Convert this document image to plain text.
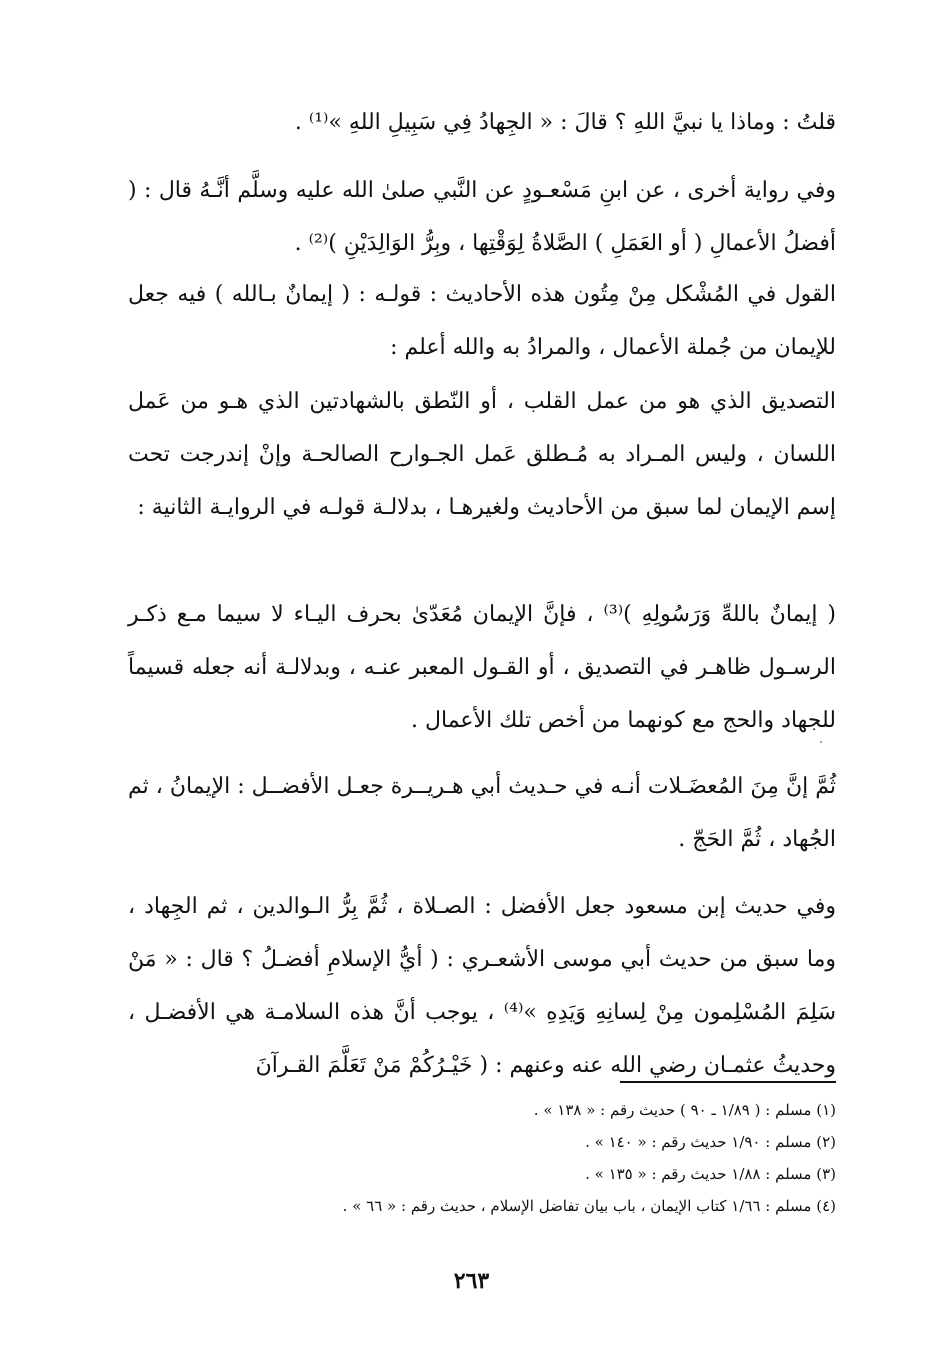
قلتُ : وماذا يا نبيَّ اللهِ ؟ قالَ : « الجِهادُ فِي سَبِيلِ اللهِ »⁽¹⁾ .
وفي رواية أخرى ، عن ابنِ مَسْعـودٍ عن النَّبي صلىٰ الله عليه وسلَّم أنَّـهُ قال : ( أفضلُ الأعمالِ ( أو العَمَلِ ) الصَّلاةُ لِوَقْتِها ، وبِرُّ الوَالِدَيْنِ )⁽²⁾ .
القول في المُشْكل مِنْ مِتُون هذه الأحاديث : قولـه : ( إيمانٌ بـالله ) فيه جعل للإيمان من جُملة الأعمال ، والمرادُ به والله أعلم :
التصديق الذي هو من عمل القلب ، أو النّطق بالشهادتين الذي هـو من عَمل اللسان ، وليس المـراد به مُـطلق عَمل الجـوارح الصالحـة وإنْ إندرجت تحت إسم الإيمان لما سبق من الأحاديث ولغيرهـا ، بدلالـة قولـه في الروايـة الثانية :
( إيمانٌ باللهِّ وَرَسُولِهِ )⁽³⁾ ، فإنَّ الإيمان مُعَدّىٰ بحرف اليـاء لا سيما مـع ذكـر الرسـول ظاهـر في التصديق ، أو القـول المعبر عنـه ، وبدلالـة أنه جعله قسيماً للجهاد والحج مع كونهما من أخص تلك الأعمال .
ثُمَّ إنَّ مِنَ المُعضَـلات أنـه في حـديث أبي هـريــرة جعـل الأفضــل : الإيمانُ ، ثم الجُهاد ، ثُمَّ الحَجّ .
وفي حديث إبن مسعود جعل الأفضل : الصـلاة ، ثُمَّ بِرُّ الـوالدين ، ثم الجِهاد ، وما سبق من حديث أبي موسى الأشعـري : ( أيُّ الإسلامِ أفضـلُ ؟ قال : « مَنْ سَلِمَ المُسْلِمون مِنْ لِسانِهِ وَيَدِهِ »⁽⁴⁾ ، يوجب أنَّ هذه السلامـة هي الأفضـل ، وحديثُ عثمـان رضي الله عنه وعنهم : ( خَيْـرُكُمْ مَنْ تَعَلَّمَ القـرآنَ
(١) مسلم : ( ١/٨٩ ـ ٩٠ ) حديث رقم : « ١٣٨ » .
(٢) مسلم : ١/٩٠ حديث رقم : « ١٤٠ » .
(٣) مسلم : ١/٨٨ حديث رقم : « ١٣٥ » .
(٤) مسلم : ١/٦٦ كتاب الإيمان ، باب بيان تفاضل الإسلام ، حديث رقم : « ٦٦ » .
٢٦٣
